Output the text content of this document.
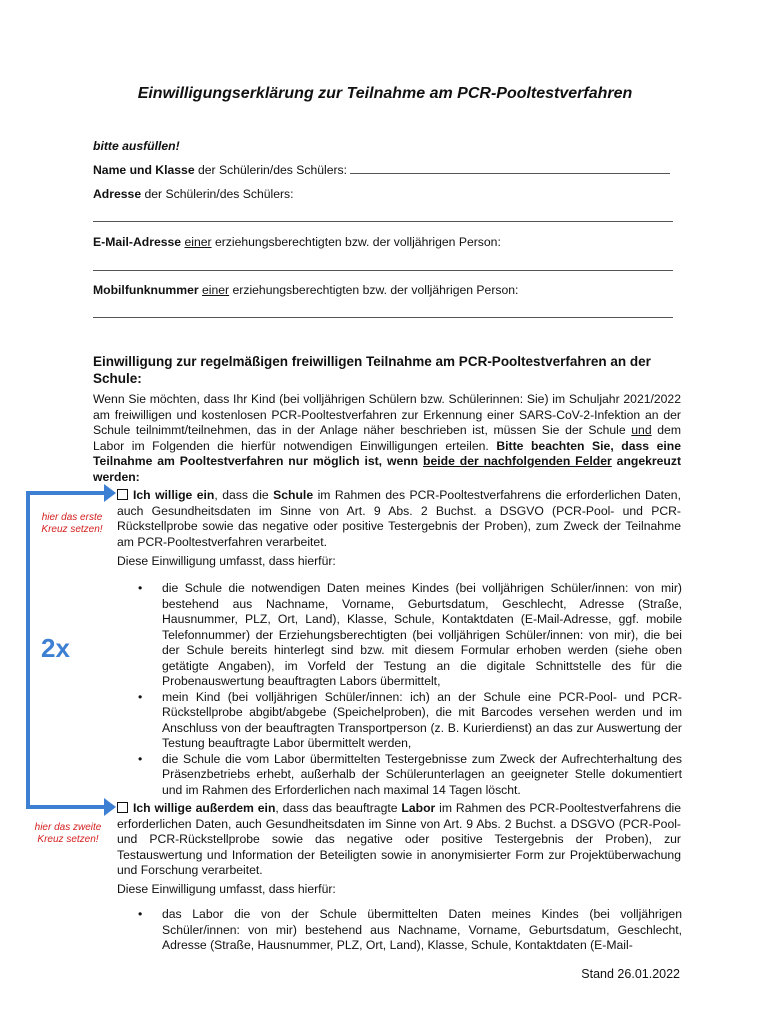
Einwilligungserklärung zur Teilnahme am PCR-Pooltestverfahren
bitte ausfüllen!
Name und Klasse der Schülerin/des Schülers:
Adresse der Schülerin/des Schülers:
E-Mail-Adresse einer erziehungsberechtigten bzw. der volljährigen Person:
Mobilfunknummer einer erziehungsberechtigten bzw. der volljährigen Person:
Einwilligung zur regelmäßigen freiwilligen Teilnahme am PCR-Pooltestverfahren an der Schule:
Wenn Sie möchten, dass Ihr Kind (bei volljährigen Schülern bzw. Schülerinnen: Sie) im Schuljahr 2021/2022 am freiwilligen und kostenlosen PCR-Pooltestverfahren zur Erkennung einer SARS-CoV-2-Infektion an der Schule teilnimmt/teilnehmen, das in der Anlage näher beschrieben ist, müssen Sie der Schule und dem Labor im Folgenden die hierfür notwendigen Einwilligungen erteilen. Bitte beachten Sie, dass eine Teilnahme am Pooltestverfahren nur möglich ist, wenn beide der nachfolgenden Felder angekreuzt werden:
2x
hier das erste Kreuz setzen!
hier das zweite Kreuz setzen!
Ich willige ein, dass die Schule im Rahmen des PCR-Pooltestverfahrens die erforderlichen Daten, auch Gesundheitsdaten im Sinne von Art. 9 Abs. 2 Buchst. a DSGVO (PCR-Pool- und PCR-Rückstellprobe sowie das negative oder positive Testergebnis der Proben), zum Zweck der Teilnahme am PCR-Pooltestverfahren verarbeitet.
Diese Einwilligung umfasst, dass hierfür:
• die Schule die notwendigen Daten meines Kindes (bei volljährigen Schüler/innen: von mir) bestehend aus Nachname, Vorname, Geburtsdatum, Geschlecht, Adresse (Straße, Hausnummer, PLZ, Ort, Land), Klasse, Schule, Kontaktdaten (E-Mail-Adresse, ggf. mobile Telefonnummer) der Erziehungsberechtigten (bei volljährigen Schüler/innen: von mir), die bei der Schule bereits hinterlegt sind bzw. mit diesem Formular erhoben werden (siehe oben getätigte Angaben), im Vorfeld der Testung an die digitale Schnittstelle des für die Probenauswertung beauftragten Labors übermittelt,
• mein Kind (bei volljährigen Schüler/innen: ich) an der Schule eine PCR-Pool- und PCR-Rückstellprobe abgibt/abgebe (Speichelproben), die mit Barcodes versehen werden und im Anschluss von der beauftragten Transportperson (z. B. Kurierdienst) an das zur Auswertung der Testung beauftragte Labor übermittelt werden,
• die Schule die vom Labor übermittelten Testergebnisse zum Zweck der Aufrechterhaltung des Präsenzbetriebs erhebt, außerhalb der Schülerunterlagen an geeigneter Stelle dokumentiert und im Rahmen des Erforderlichen nach maximal 14 Tagen löscht.
Ich willige außerdem ein, dass das beauftragte Labor im Rahmen des PCR-Pooltestverfahrens die erforderlichen Daten, auch Gesundheitsdaten im Sinne von Art. 9 Abs. 2 Buchst. a DSGVO (PCR-Pool- und PCR-Rückstellprobe sowie das negative oder positive Testergebnis der Proben), zur Testauswertung und Information der Beteiligten sowie in anonymisierter Form zur Projektüberwachung und Forschung verarbeitet.
Diese Einwilligung umfasst, dass hierfür:
• das Labor die von der Schule übermittelten Daten meines Kindes (bei volljährigen Schüler/innen: von mir) bestehend aus Nachname, Vorname, Geburtsdatum, Geschlecht, Adresse (Straße, Hausnummer, PLZ, Ort, Land), Klasse, Schule, Kontaktdaten (E-Mail-
Stand 26.01.2022
